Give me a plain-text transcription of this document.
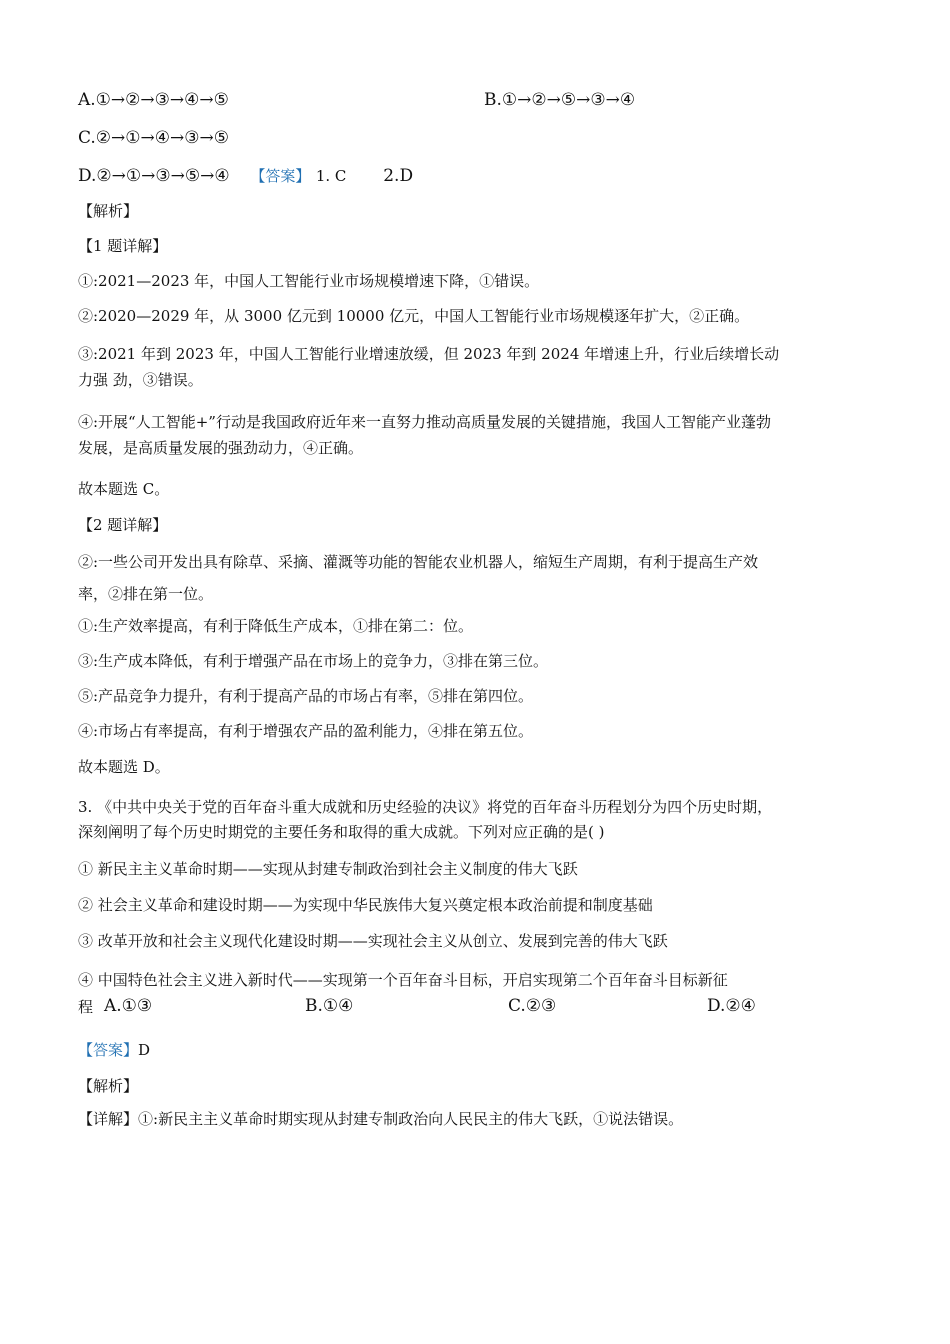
A.①→②→③→④→⑤	B.①→②→⑤→③→④
C.②→①→④→③→⑤
D.②→①→③→⑤→④ 【答案】 1. C 2.D
【解析】
【1 题详解】
①:2021—2023 年，中国人工智能行业市场规模增速下降，①错误。
②:2020—2029 年，从 3000 亿元到 10000 亿元，中国人工智能行业市场规模逐年扩大，②正确。
③:2021 年到 2023 年，中国人工智能行业增速放缓，但 2023 年到 2024 年增速上升，行业后续增长动
力强 劲，③错误。
④:开展“人工智能+”行动是我国政府近年来一直努力推动高质量发展的关键措施，我国人工智能产业蓬勃
发展，是高质量发展的强劲动力，④正确。
故本题选 C。
【2 题详解】
②:一些公司开发出具有除草、采摘、灌溉等功能的智能农业机器人，缩短生产周期，有利于提高生产效
率，②排在第一位。
①:生产效率提高，有利于降低生产成本，①排在第二：位。
③:生产成本降低，有利于增强产品在市场上的竞争力，③排在第三位。
⑤:产品竞争力提升，有利于提高产品的市场占有率，⑤排在第四位。
④:市场占有率提高，有利于增强农产品的盈利能力，④排在第五位。
故本题选 D。
3. 《中共中央关于党的百年奋斗重大成就和历史经验的决议》将党的百年奋斗历程划分为四个历史时期，
深刻阐明了每个历史时期党的主要任务和取得的重大成就。下列对应正确的是( )
① 新民主主义革命时期——实现从封建专制政治到社会主义制度的伟大飞跃
② 社会主义革命和建设时期——为实现中华民族伟大复兴奠定根本政治前提和制度基础
③ 改革开放和社会主义现代化建设时期——实现社会主义从创立、发展到完善的伟大飞跃
④ 中国特色社会主义进入新时代——实现第一个百年奋斗目标，开启实现第二个百年奋斗目标新征
程 A.①③	B.①④	C.②③	D.②④
【答案】D
【解析】
【详解】①:新民主主义革命时期实现从封建专制政治向人民民主的伟大飞跃，①说法错误。
